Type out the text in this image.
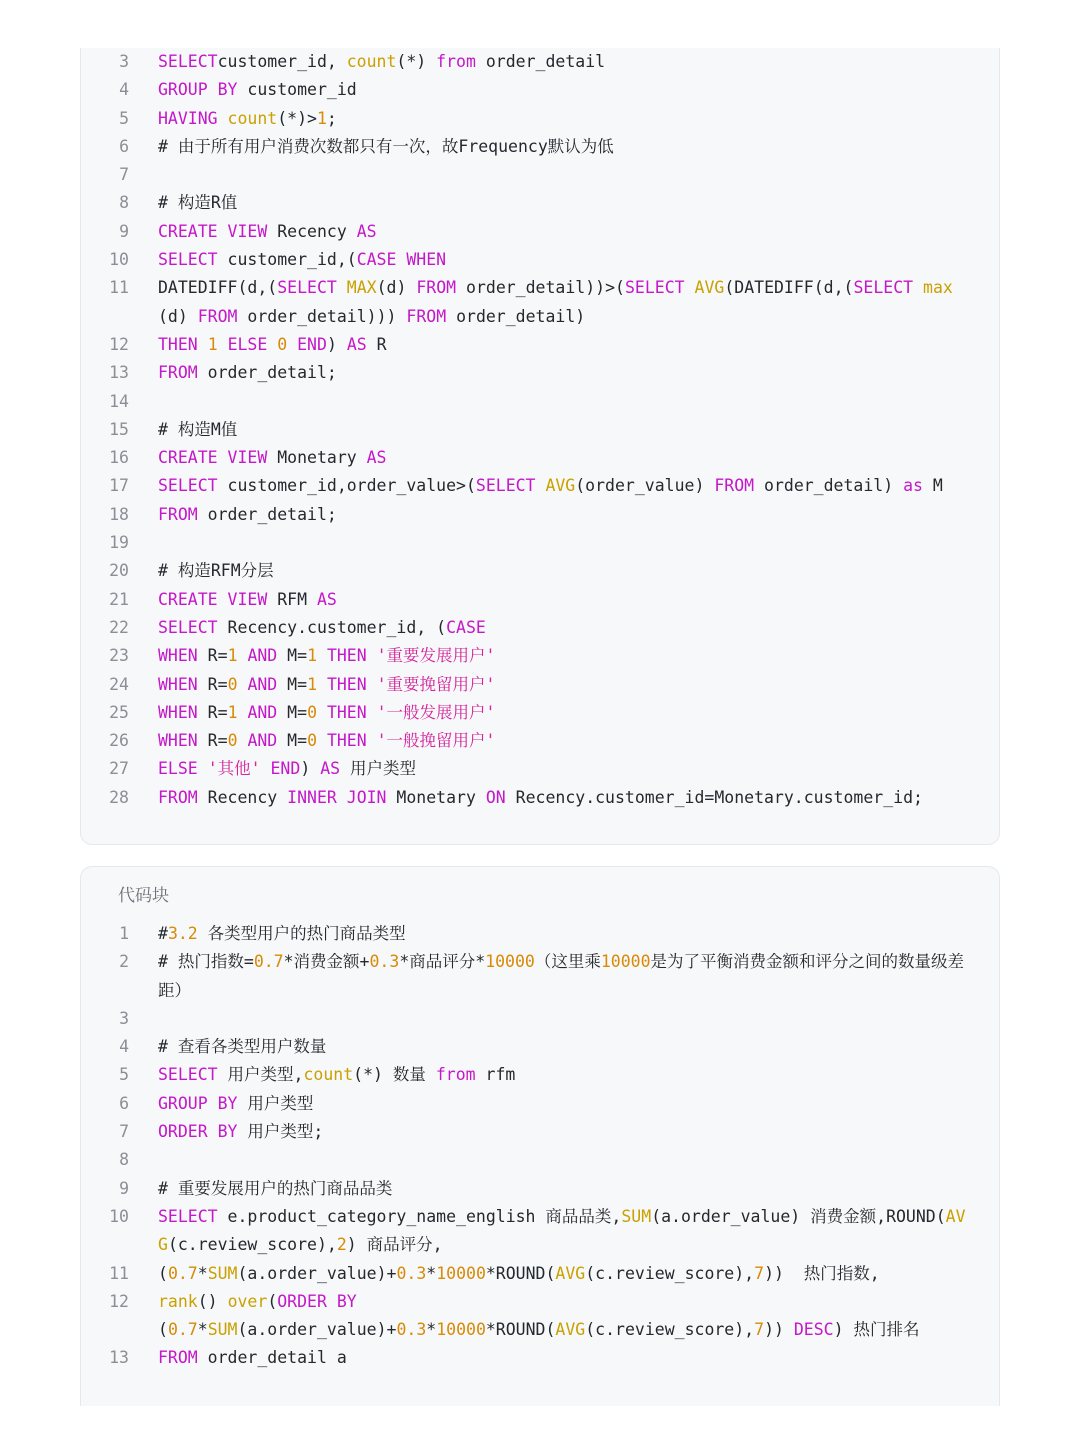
3 SELECTcustomer_id, count(*) from order_detail
4 GROUP BY customer_id
5 HAVING count(*)>1;
6 # 由于所有用户消费次数都只有一次，故Frequency默认为低
7
8 # 构造R值
9 CREATE VIEW Recency AS
10 SELECT customer_id,(CASE WHEN
11 DATEDIFF(d,(SELECT MAX(d) FROM order_detail))>(SELECT AVG(DATEDIFF(d,(SELECT max(d) FROM order_detail))) FROM order_detail)
12 THEN 1 ELSE 0 END) AS R
13 FROM order_detail;
14
15 # 构造M值
16 CREATE VIEW Monetary AS
17 SELECT customer_id,order_value>(SELECT AVG(order_value) FROM order_detail) as M
18 FROM order_detail;
19
20 # 构造RFM分层
21 CREATE VIEW RFM AS
22 SELECT Recency.customer_id, (CASE
23 WHEN R=1 AND M=1 THEN '重要发展用户'
24 WHEN R=0 AND M=1 THEN '重要挽留用户'
25 WHEN R=1 AND M=0 THEN '一般发展用户'
26 WHEN R=0 AND M=0 THEN '一般挽留用户'
27 ELSE '其他' END) AS 用户类型
28 FROM Recency INNER JOIN Monetary ON Recency.customer_id=Monetary.customer_id;
代码块
1 #3.2 各类型用户的热门商品类型
2 # 热门指数=0.7*消费金额+0.3*商品评分*10000（这里乘10000是为了平衡消费金额和评分之间的数量级差距）
3
4 # 查看各类型用户数量
5 SELECT 用户类型,count(*) 数量 from rfm
6 GROUP BY 用户类型
7 ORDER BY 用户类型;
8
9 # 重要发展用户的热门商品品类
10 SELECT e.product_category_name_english 商品品类,SUM(a.order_value) 消费金额,ROUND(AVG(c.review_score),2) 商品评分,
11 (0.7*SUM(a.order_value)+0.3*10000*ROUND(AVG(c.review_score),7))  热门指数,
12 rank() over(ORDER BY
(0.7*SUM(a.order_value)+0.3*10000*ROUND(AVG(c.review_score),7)) DESC) 热门排名
13 FROM order_detail a
